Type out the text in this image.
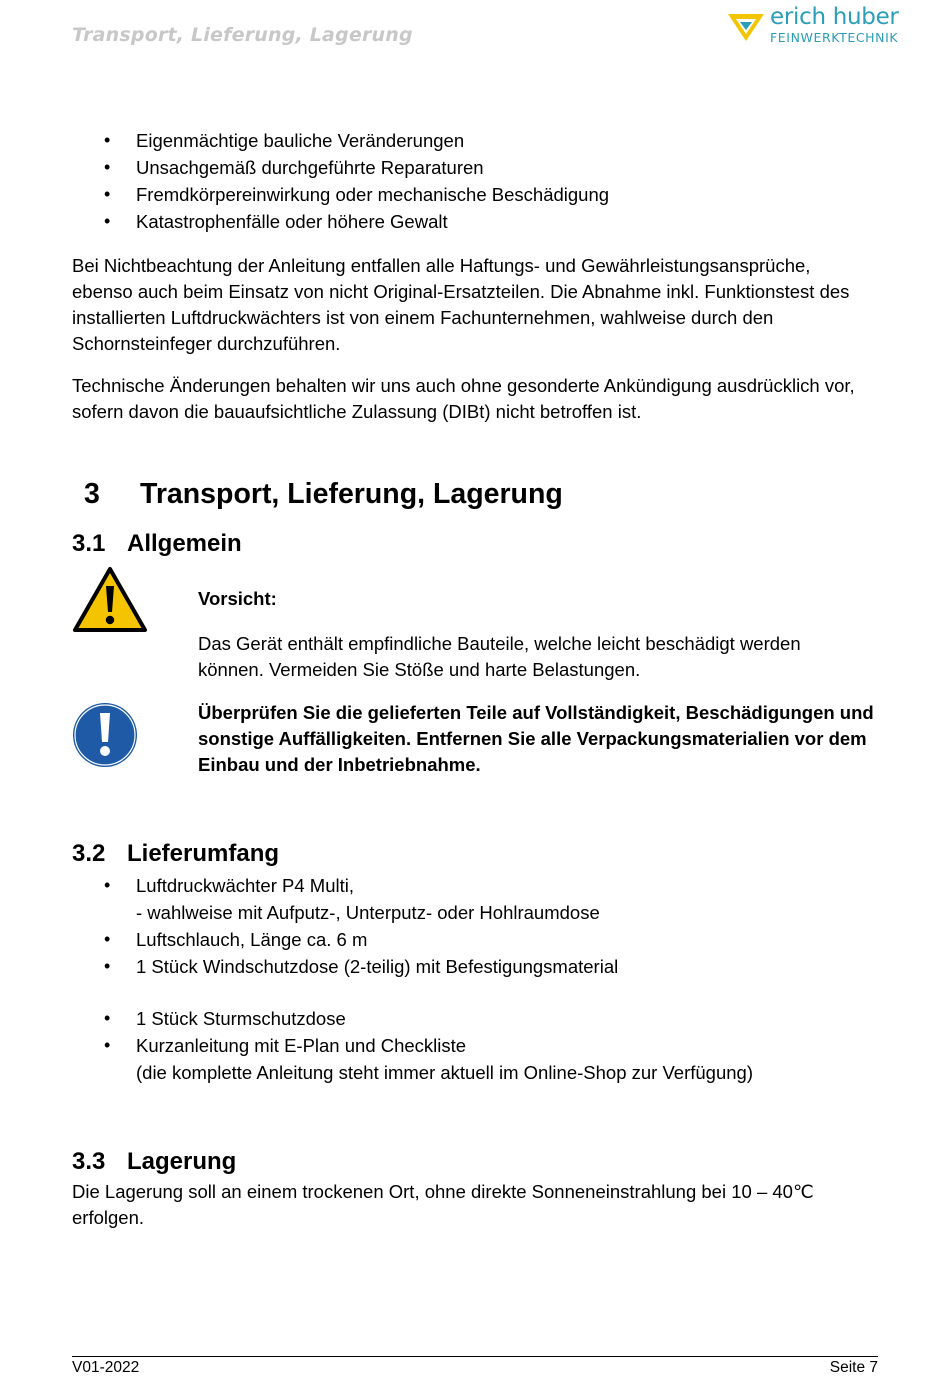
Transport, Lieferung, Lagerung
erich huber
FEINWERKTECHNIK
• Eigenmächtige bauliche Veränderungen
• Unsachgemäß durchgeführte Reparaturen
• Fremdkörpereinwirkung oder mechanische Beschädigung
• Katastrophenfälle oder höhere Gewalt
Bei Nichtbeachtung der Anleitung entfallen alle Haftungs- und Gewährleistungsansprüche, ebenso auch beim Einsatz von nicht Original-Ersatzteilen. Die Abnahme inkl. Funktionstest des installierten Luftdruckwächters ist von einem Fachunternehmen, wahlweise durch den Schornsteinfeger durchzuführen.
Technische Änderungen behalten wir uns auch ohne gesonderte Ankündigung ausdrücklich vor, sofern davon die bauaufsichtliche Zulassung (DIBt) nicht betroffen ist.
3 Transport, Lieferung, Lagerung
3.1 Allgemein
Vorsicht:
Das Gerät enthält empfindliche Bauteile, welche leicht beschädigt werden können. Vermeiden Sie Stöße und harte Belastungen.
Überprüfen Sie die gelieferten Teile auf Vollständigkeit, Beschädigungen und sonstige Auffälligkeiten. Entfernen Sie alle Verpackungsmaterialien vor dem Einbau und der Inbetriebnahme.
3.2 Lieferumfang
• Luftdruckwächter P4 Multi,
- wahlweise mit Aufputz-, Unterputz- oder Hohlraumdose
• Luftschlauch, Länge ca. 6 m
• 1 Stück Windschutzdose (2-teilig) mit Befestigungsmaterial
• 1 Stück Sturmschutzdose
• Kurzanleitung mit E-Plan und Checkliste
(die komplette Anleitung steht immer aktuell im Online-Shop zur Verfügung)
3.3 Lagerung
Die Lagerung soll an einem trockenen Ort, ohne direkte Sonneneinstrahlung bei 10 – 40℃ erfolgen.
V01-2022	Seite 7
